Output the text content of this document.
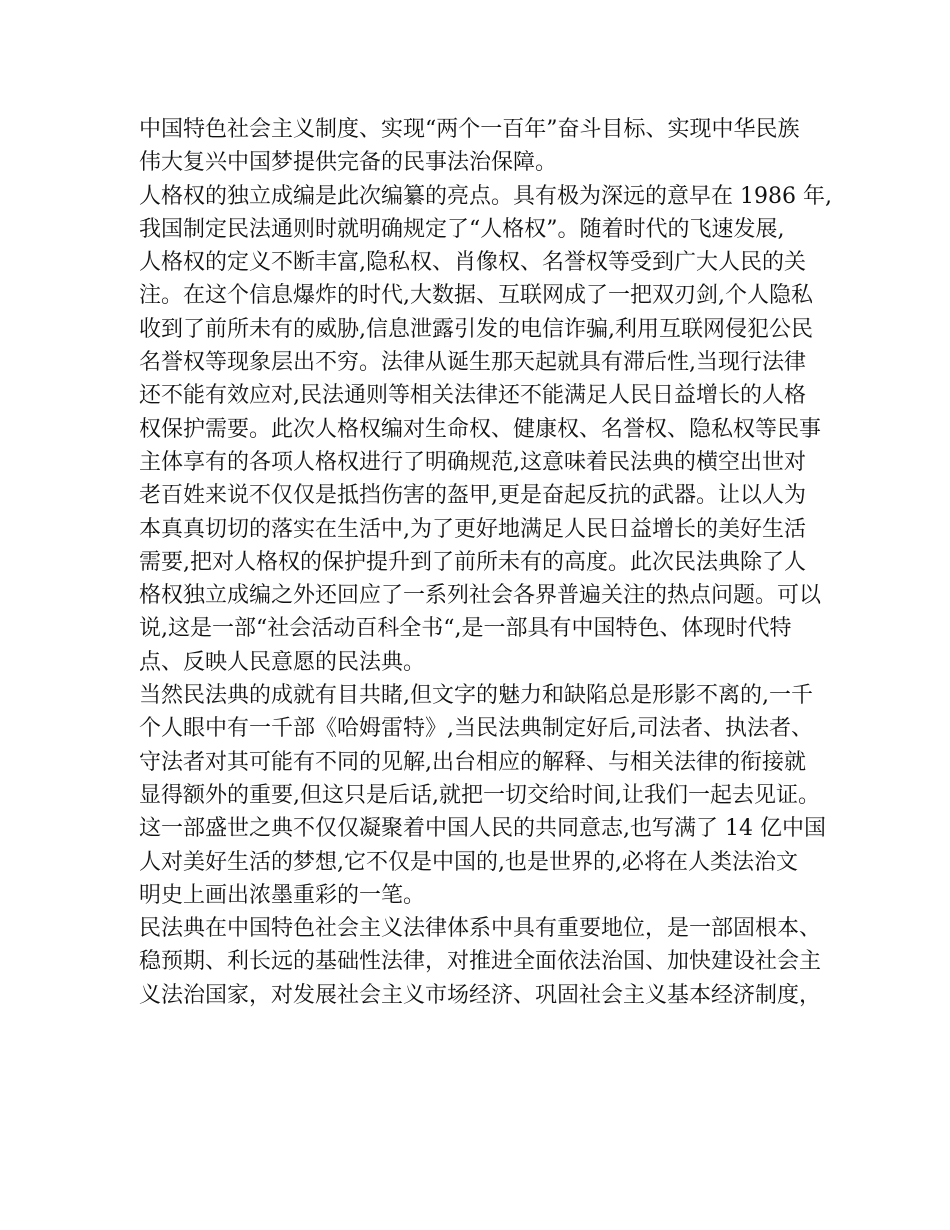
中国特色社会主义制度、实现“两个一百年”奋斗目标、实现中华民族
伟大复兴中国梦提供完备的民事法治保障。
人格权的独立成编是此次编纂的亮点。具有极为深远的意早在 1986 年,
我国制定民法通则时就明确规定了“人格权”。随着时代的飞速发展,
人格权的定义不断丰富,隐私权、肖像权、名誉权等受到广大人民的关
注。在这个信息爆炸的时代,大数据、互联网成了一把双刃剑,个人隐私
收到了前所未有的威胁,信息泄露引发的电信诈骗,利用互联网侵犯公民
名誉权等现象层出不穷。法律从诞生那天起就具有滞后性,当现行法律
还不能有效应对,民法通则等相关法律还不能满足人民日益增长的人格
权保护需要。此次人格权编对生命权、健康权、名誉权、隐私权等民事
主体享有的各项人格权进行了明确规范,这意味着民法典的横空出世对
老百姓来说不仅仅是抵挡伤害的盔甲,更是奋起反抗的武器。让以人为
本真真切切的落实在生活中,为了更好地满足人民日益增长的美好生活
需要,把对人格权的保护提升到了前所未有的高度。此次民法典除了人
格权独立成编之外还回应了一系列社会各界普遍关注的热点问题。可以
说,这是一部“社会活动百科全书“,是一部具有中国特色、体现时代特
点、反映人民意愿的民法典。
当然民法典的成就有目共睹,但文字的魅力和缺陷总是形影不离的,一千
个人眼中有一千部《哈姆雷特》,当民法典制定好后,司法者、执法者、
守法者对其可能有不同的见解,出台相应的解释、与相关法律的衔接就
显得额外的重要,但这只是后话,就把一切交给时间,让我们一起去见证。
这一部盛世之典不仅仅凝聚着中国人民的共同意志,也写满了 14 亿中国
人对美好生活的梦想,它不仅是中国的,也是世界的,必将在人类法治文
明史上画出浓墨重彩的一笔。
民法典在中国特色社会主义法律体系中具有重要地位，是一部固根本、
稳预期、利长远的基础性法律，对推进全面依法治国、加快建设社会主
义法治国家，对发展社会主义市场经济、巩固社会主义基本经济制度，
